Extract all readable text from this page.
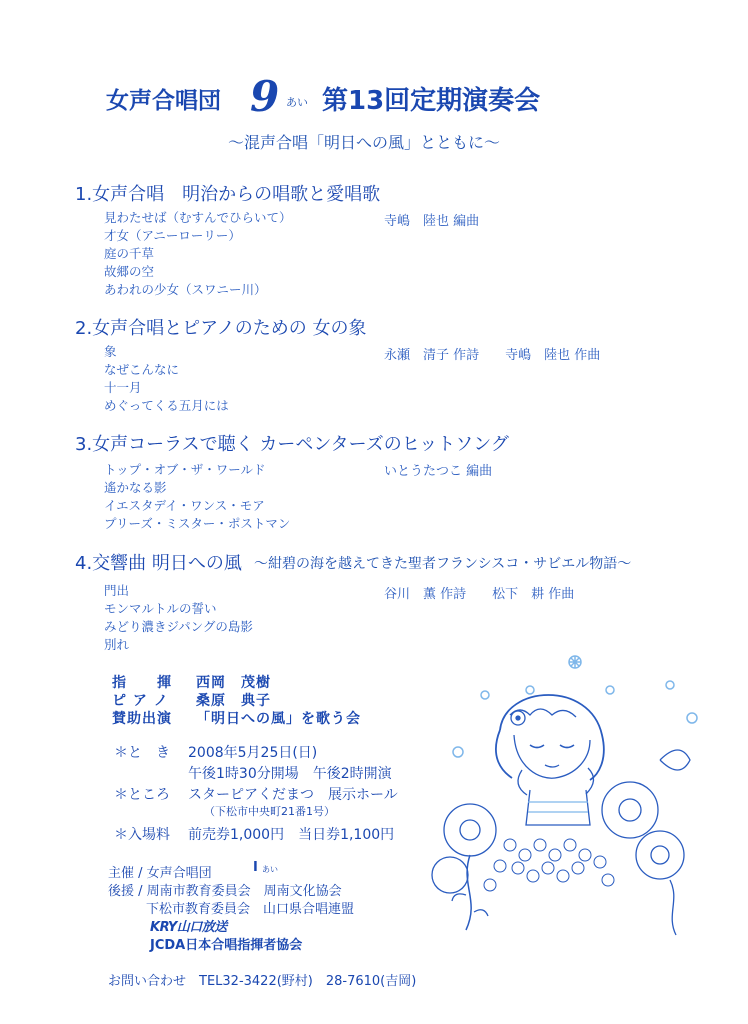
女声合唱団 9 あい 第13回定期演奏会
〜混声合唱「明日への風」とともに〜
1.女声合唱　明治からの唱歌と愛唱歌
寺嶋　陸也 編曲
見わたせば（むすんでひらいて）
才女（アニーローリー）
庭の千草
故郷の空
あわれの少女（スワニー川）
2.女声合唱とピアノのための 女の象
永瀬　清子 作詩　　寺嶋　陸也 作曲
象
なぜこんなに
十一月
めぐってくる五月には
3.女声コーラスで聴く カーペンターズのヒットソング
いとうたつこ 編曲
トップ・オブ・ザ・ワールド
遙かなる影
イエスタデイ・ワンス・モア
プリーズ・ミスター・ポストマン
4.交響曲 明日への風 〜紺碧の海を越えてきた聖者フランシスコ・サビエル物語〜
谷川　薫 作詩　　松下　耕 作曲
門出
モンマルトルの誓い
みどり濃きジパングの島影
別れ
指　　揮 西岡　茂樹
ピ ア ノ 桑原　典子
賛助出演 「明日への風」を歌う会
＊と　き 2008年5月25日(日)
午後1時30分開場　午後2時開演
＊ところ スターピアくだまつ　展示ホール
（下松市中央町21番1号）
＊入場料 前売券1,000円　当日券1,100円
主催 / 女声合唱団	I あい
後援 / 周南市教育委員会　周南文化協会
下松市教育委員会　山口県合唱連盟
KRY山口放送
JCDA日本合唱指揮者協会
お問い合わせ　TEL32-3422(野村)　28-7610(吉岡)
